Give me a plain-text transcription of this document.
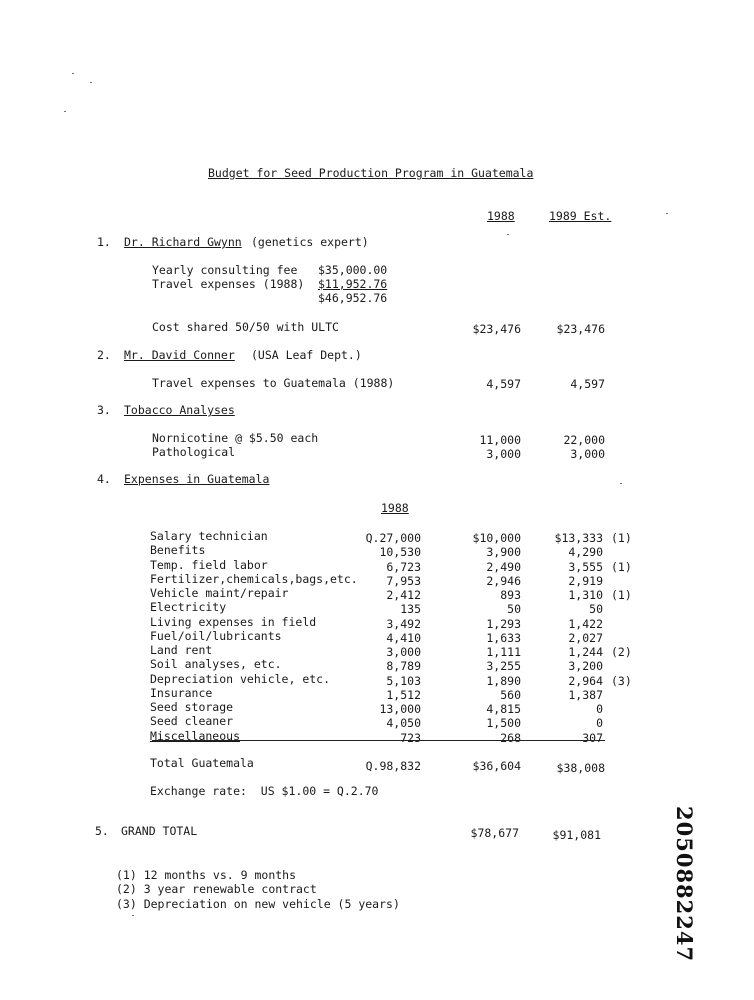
Budget for Seed Production Program in Guatemala
1988	1989 Est.
1. Dr. Richard Gwynn (genetics expert)
Yearly consulting fee $35,000.00
Travel expenses (1988) $11,952.76
$46,952.76
Cost shared 50/50 with ULTC	$23,476	$23,476
2. Mr. David Conner (USA Leaf Dept.)
Travel expenses to Guatemala (1988)	4,597	4,597
3. Tobacco Analyses
Nornicotine @ $5.50 each	11,000	22,000
Pathological	3,000	3,000
4. Expenses in Guatemala
1988
Salary technician	Q.27,000	$10,000	$13,333 (1)
Benefits	10,530	3,900	4,290
Temp. field labor	6,723	2,490	3,555 (1)
Fertilizer,chemicals,bags,etc.	7,953	2,946	2,919
Vehicle maint/repair	2,412	893	1,310 (1)
Electricity	135	50	50
Living expenses in field	3,492	1,293	1,422
Fuel/oil/lubricants	4,410	1,633	2,027
Land rent	3,000	1,111	1,244 (2)
Soil analyses, etc.	8,789	3,255	3,200
Depreciation vehicle, etc.	5,103	1,890	2,964 (3)
Insurance	1,512	560	1,387
Seed storage	13,000	4,815	0
Seed cleaner	4,050	1,500	0
Miscellaneous	723	268	307
Total Guatemala	Q.98,832	$36,604	$38,008
Exchange rate:  US $1.00 = Q.2.70
5. GRAND TOTAL	$78,677	$91,081
(1) 12 months vs. 9 months
(2) 3 year renewable contract
(3) Depreciation on new vehicle (5 years)	2050882247
